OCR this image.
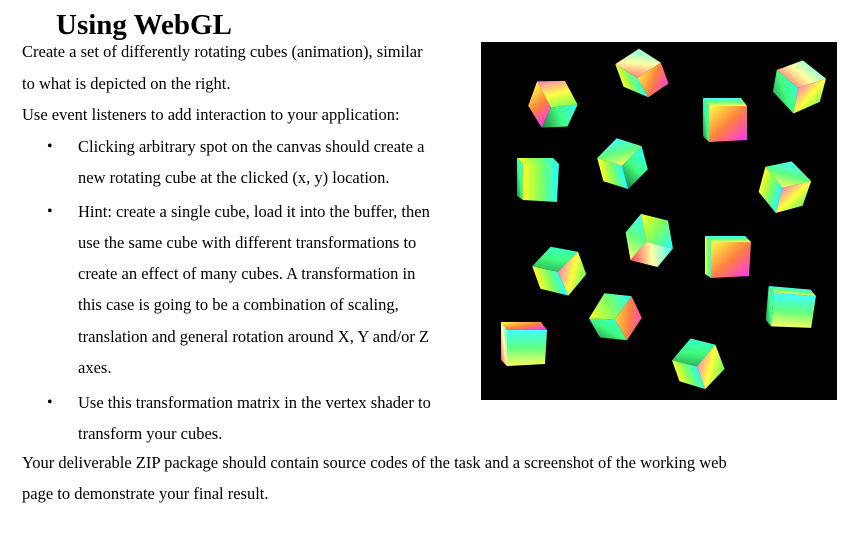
Using WebGL
Create a set of differently rotating cubes (animation), similar
to what is depicted on the right.
Use event listeners to add interaction to your application:
• Clicking arbitrary spot on the canvas should create a
new rotating cube at the clicked (x, y) location.
• Hint: create a single cube, load it into the buffer, then
use the same cube with different transformations to
create an effect of many cubes. A transformation in
this case is going to be a combination of scaling,
translation and general rotation around X, Y and/or Z
axes.
• Use this transformation matrix in the vertex shader to
transform your cubes.
Your deliverable ZIP package should contain source codes of the task and a screenshot of the working web
page to demonstrate your final result.
